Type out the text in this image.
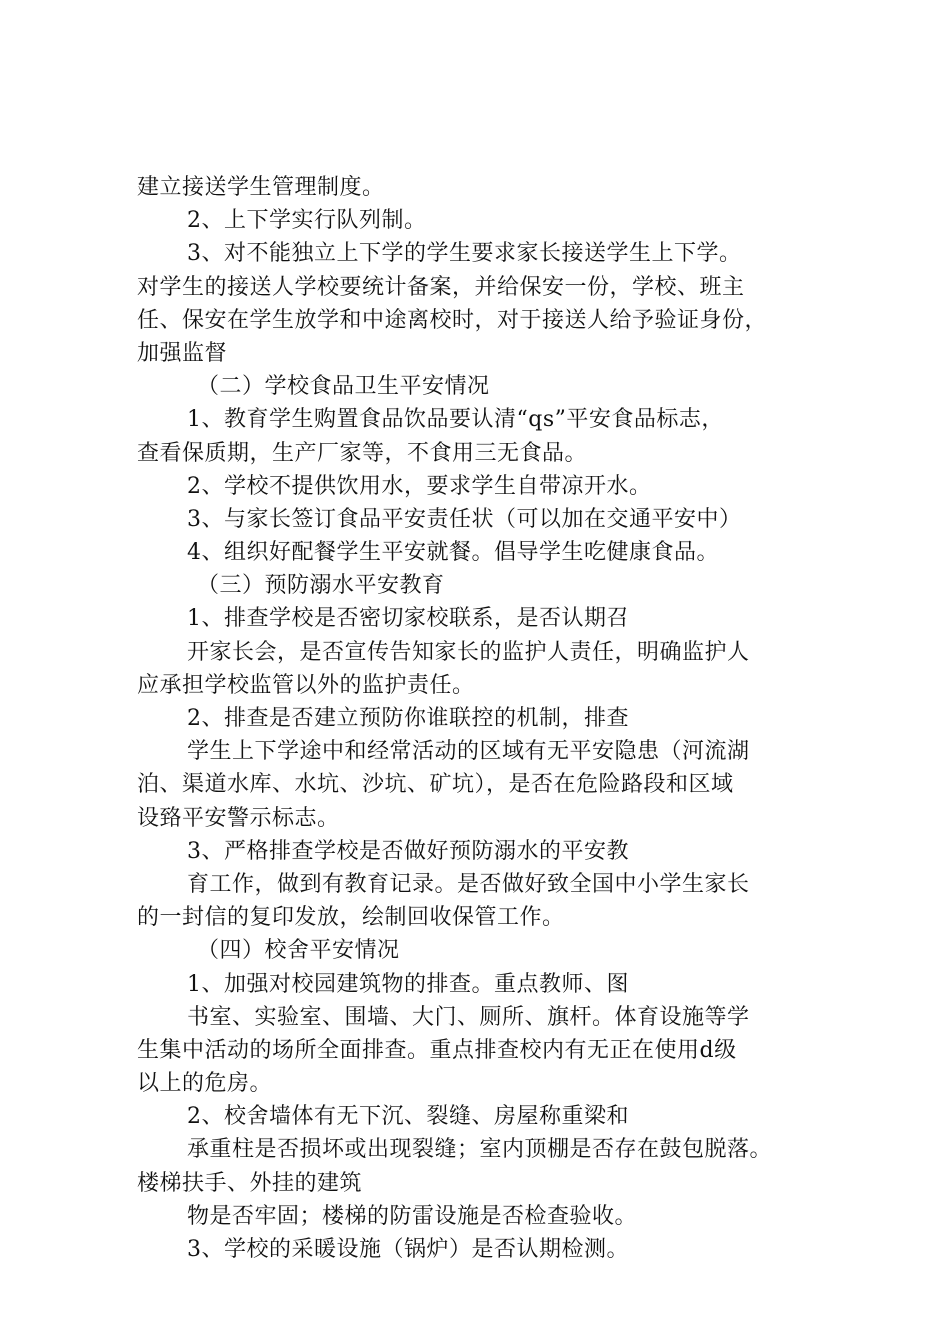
建立接送学生管理制度。
2、上下学实行队列制。
3、对不能独立上下学的学生要求家长接送学生上下学。
对学生的接送人学校要统计备案，并给保安一份，学校、班主
任、保安在学生放学和中途离校时，对于接送人给予验证身份，
加强监督
（二）学校食品卫生平安情况
1、教育学生购置食品饮品要认清“qs”平安食品标志，
查看保质期，生产厂家等，不食用三无食品。
2、学校不提供饮用水，要求学生自带凉开水。
3、与家长签订食品平安责任状（可以加在交通平安中）
4、组织好配餐学生平安就餐。倡导学生吃健康食品。
（三）预防溺水平安教育
1、排查学校是否密切家校联系，是否认期召
开家长会，是否宣传告知家长的监护人责任，明确监护人
应承担学校监管以外的监护责任。
2、排查是否建立预防你谁联控的机制，排查
学生上下学途中和经常活动的区域有无平安隐患（河流湖
泊、渠道水库、水坑、沙坑、矿坑），是否在危险路段和区域
设臵平安警示标志。
3、严格排查学校是否做好预防溺水的平安教
育工作，做到有教育记录。是否做好致全国中小学生家长
的一封信的复印发放，绘制回收保管工作。
（四）校舍平安情况
1、加强对校园建筑物的排查。重点教师、图
书室、实验室、围墙、大门、厕所、旗杆。体育设施等学
生集中活动的场所全面排查。重点排查校内有无正在使用d级
以上的危房。
2、校舍墙体有无下沉、裂缝、房屋称重梁和
承重柱是否损坏或出现裂缝；室内顶棚是否存在鼓包脱落。
楼梯扶手、外挂的建筑
物是否牢固；楼梯的防雷设施是否检查验收。
3、学校的采暖设施（锅炉）是否认期检测。
